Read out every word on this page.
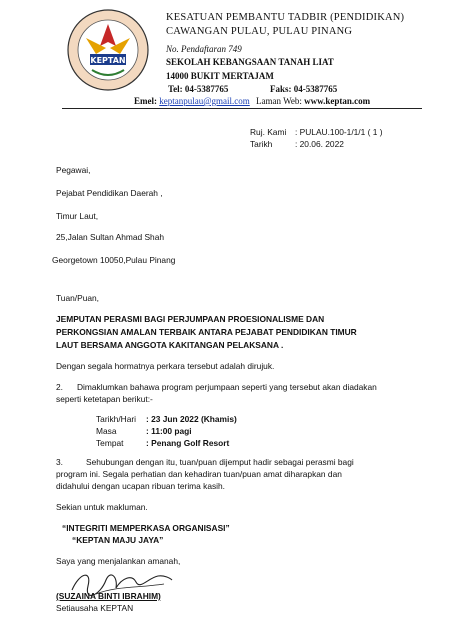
KEPTAN
KESATUAN PEMBANTU TADBIR (PENDIDIKAN)
CAWANGAN PULAU, PULAU PINANG
No. Pendaftaran 749
SEKOLAH KEBANGSAAN TANAH LIAT
14000 BUKIT MERTAJAM
Tel: 04-5387765	Faks: 04-5387765
Emel: keptanpulau@gmail.com Laman Web: www.keptan.com
Ruj. Kami : PULAU.100-1/1/1 ( 1 )
Tarikh	: 20.06. 2022
Pegawai,
Pejabat Pendidikan Daerah ,
Timur Laut,
25,Jalan Sultan Ahmad Shah
Georgetown 10050,Pulau Pinang
Tuan/Puan,
JEMPUTAN PERASMI BAGI PERJUMPAAN PROESIONALISME DAN
PERKONGSIAN AMALAN TERBAIK ANTARA PEJABAT PENDIDIKAN TIMUR
LAUT BERSAMA ANGGOTA KAKITANGAN PELAKSANA .
Dengan segala hormatnya perkara tersebut adalah dirujuk.
2. Dimaklumkan bahawa program perjumpaan seperti yang tersebut akan diadakan
seperti ketetapan berikut:-
Tarikh/Hari : 23 Jun 2022 (Khamis)
Masa	: 11:00 pagi
Tempat	: Penang Golf Resort
3.	Sehubungan dengan itu, tuan/puan dijemput hadir sebagai perasmi bagi
program ini. Segala perhatian dan kehadiran tuan/puan amat diharapkan dan
didahului dengan ucapan ribuan terima kasih.
Sekian untuk makluman.
“INTEGRITI MEMPERKASA ORGANISASI”
“KEPTAN MAJU JAYA”
Saya yang menjalankan amanah,
(SUZAINA BINTI IBRAHIM)
Setiausaha KEPTAN
